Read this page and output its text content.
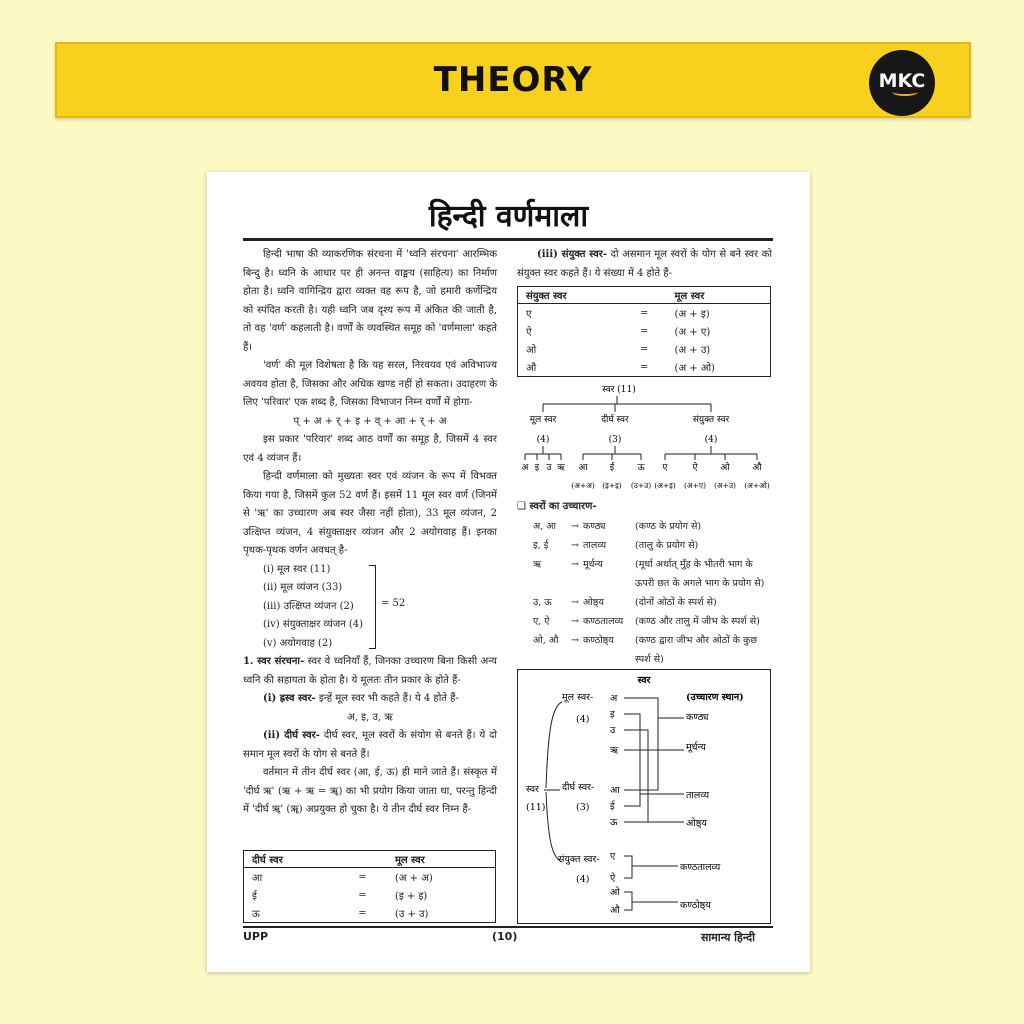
THEORY	MKC
हिन्दी वर्णमाला

हिन्दी भाषा की व्याकरणिक संरचना में 'ध्वनि संरचना' आरम्भिक बिन्दु है। ध्वनि के आधार पर ही अनन्त वाङ्मय (साहित्य) का निर्माण होता है। ध्वनि वागिन्द्रिय द्वारा व्यक्त वह रूप है, जो हमारी कर्णेन्द्रिय को स्पंदित करती है। यही ध्वनि जब दृश्य रूप में अंकित की जाती है, तो वह 'वर्ण' कहलाती है। वर्णों के व्यवस्थित समूह को 'वर्णमाला' कहते हैं।

'वर्ण' की मूल विशेषता है कि यह सरल, निरवयव एवं अविभाज्य अवयव होता है, जिसका और अधिक खण्ड नहीं हो सकता। उदाहरण के लिए 'परिवार' एक शब्द है, जिसका विभाजन निम्न वर्णों में होगा-

प् + अ + र् + इ + व् + आ + र् + अ

इस प्रकार 'परिवार' शब्द आठ वर्णों का समूह है, जिसमें 4 स्वर एवं 4 व्यंजन हैं।

हिन्दी वर्णमाला को मुख्यतः स्वर एवं व्यंजन के रूप में विभक्त किया गया है, जिसमें कुल 52 वर्ण हैं। इसमें 11 मूल स्वर वर्ण (जिनमें से 'ऋ' का उच्चारण अब स्वर जैसा नहीं होता), 33 मूल व्यंजन, 2 उत्क्षिप्त व्यंजन, 4 संयुक्ताक्षर व्यंजन और 2 अयोगवाह हैं। इनका पृथक-पृथक वर्णन अवधत् है-

(i) मूल स्वर (11)

(ii) मूल व्यंजन (33)

(iii) उत्क्षिप्त व्यंजन (2)

(iv) संयुक्ताक्षर व्यंजन (4)

(v) अयोगवाह (2)

= 52

1. स्वर संरचना- स्वर वे ध्वनियाँ हैं, जिनका उच्चारण बिना किसी अन्य ध्वनि की सहायता के होता है। ये मूलतः तीन प्रकार के होते हैं-

(i) ह्रस्व स्वर- इन्हें मूल स्वर भी कहते हैं। ये 4 होते हैं-

अ, इ, उ, ऋ

(ii) दीर्घ स्वर- दीर्घ स्वर, मूल स्वरों के संयोग से बनते हैं। ये दो समान मूल स्वरों के योग से बनते हैं।

वर्तमान में तीन दीर्घ स्वर (आ, ई, ऊ) ही माने जाते हैं। संस्कृत में 'दीर्घ ऋ' (ऋ + ऋ = ॠ) का भी प्रयोग किया जाता था, परन्तु हिन्दी में 'दीर्घ ॠ' (ॠ) अप्रयुक्त हो चुका है। ये तीन दीर्घ स्वर निम्न हैं-

दीर्घ स्वर		मूल स्वर
आ	=	(अ + अ)
ई	=	(इ + इ)
ऊ	=	(उ + उ)

(iii) संयुक्त स्वर- दो असमान मूल स्वरों के योग से बने स्वर को संयुक्त स्वर कहते हैं। ये संख्या में 4 होते हैं-

संयुक्त स्वर		मूल स्वर
ए	=	(अ + इ)
ऐ	=	(अ + ए)
ओ	=	(अ + उ)
औ	=	(अ + ओ)
स्वर (11)
मूल स्वर	दीर्घ स्वर	संयुक्त स्वर
(4)	(3)	(4)
अ इ उ ऋ आ
(अ+अ)
ई
(इ+इ)
ऊ
(उ+उ)
ए
(अ+इ)
ऐ
(अ+ए)
ओ
(अ+उ)
औ
(अ+ओ)
❑ स्वरों का उच्चारण-
अ, आ	→ कण्ठ्य	(कण्ठ के प्रयोग से)
इ, ई	→ तालव्य	(तालु के प्रयोग से)
ऋ	→ मूर्धन्य	(मूर्धा अर्थात् मुँह के भीतरी भाग के ऊपरी छत के अगले भाग के प्रयोग से)
उ, ऊ	→ ओष्ठ्य	(दोनों ओठों के स्पर्श से)
ए, ऐ	→ कण्ठतालव्य	(कण्ठ और तालु में जीभ के स्पर्श से)
ओ, औ	→ कण्ठोष्ठ्य	(कण्ठ द्वारा जीभ और ओठों के कुछ स्पर्श से)
स्वर
स्वर
(11)
मूल स्वर-
(4)
दीर्घ स्वर-
(3)
संयुक्त स्वर-
(4)
अ
इ
उ
ऋ
आ
ई
ऊ
ए
ऐ
ओ
औ
(उच्चारण स्थान)
कण्ठ्य
मूर्धन्य
तालव्य
ओष्ठ्य
कण्ठतालव्य
कण्ठोष्ठ्य
UPP	(10)	सामान्य हिन्दी
